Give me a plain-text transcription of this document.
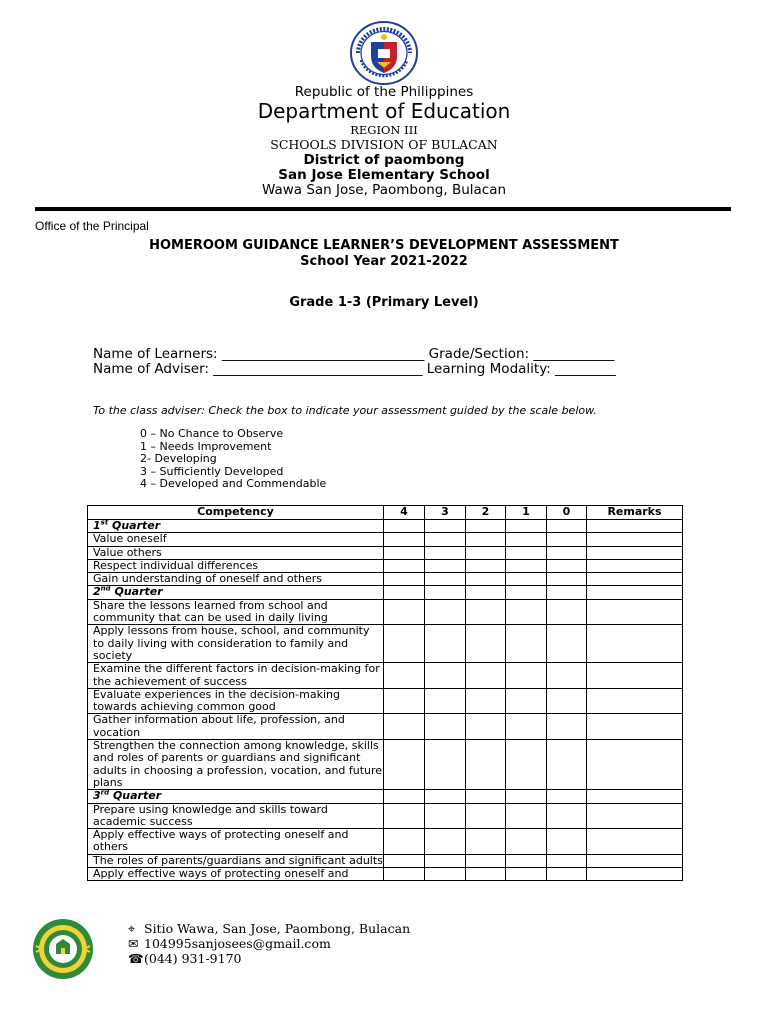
Republic of the Philippines
Department of Education
REGION III
SCHOOLS DIVISION OF BULACAN
District of paombong
San Jose Elementary School
Wawa San Jose, Paombong, Bulacan
Office of the Principal
HOMEROOM GUIDANCE LEARNER’S DEVELOPMENT ASSESSMENT
School Year 2021-2022
Grade 1-3 (Primary Level)
Name of Learners: ______________________________ Grade/Section: ____________
Name of Adviser: _______________________________ Learning Modality: _________
To the class adviser: Check the box to indicate your assessment guided by the scale below.
0 – No Chance to Observe
1 – Needs Improvement
2- Developing
3 – Sufficiently Developed
4 – Developed and Commendable
Competency	4	3	2	1	0	Remarks
1st Quarter						
Value oneself						
Value others						
Respect individual differences						
Gain understanding of oneself and others						
2nd Quarter						
Share the lessons learned from school and community that can be used in daily living						
Apply lessons from house, school, and community to daily living with consideration to family and society						
Examine the different factors in decision-making for the achievement of success						
Evaluate experiences in the decision-making towards achieving common good						
Gather information about life, profession, and vocation						
Strengthen the connection among knowledge, skills and roles of parents or guardians and significant adults in choosing a profession, vocation, and future plans						
3rd Quarter						
Prepare using knowledge and skills toward academic success						
Apply effective ways of protecting oneself and others						
The roles of parents/guardians and significant adults						
Apply effective ways of protecting oneself and						
⌖ Sitio Wawa, San Jose, Paombong, Bulacan
✉ 104995sanjosees@gmail.com
☎(044) 931-9170
